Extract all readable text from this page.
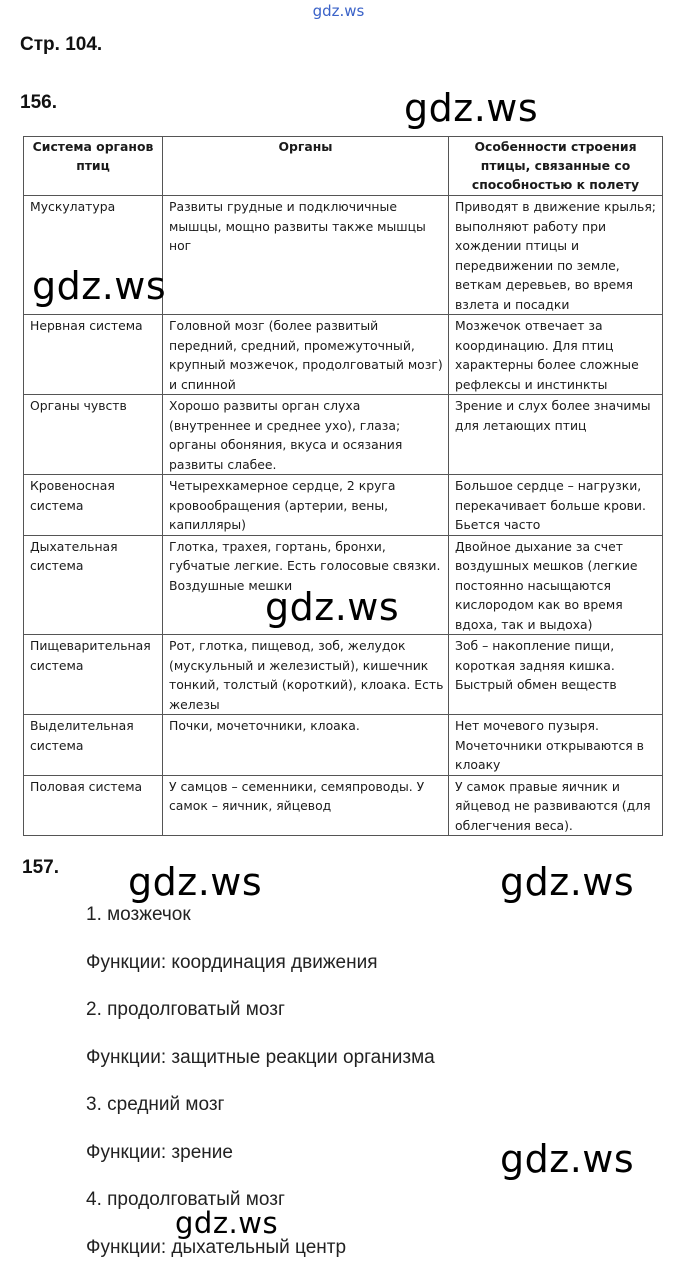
gdz.ws
Стр. 104.
156.
Система органов птиц	Органы	Особенности строения птицы, связанные со способностью к полету
Мускулатура	Развиты грудные и подключичные мышцы, мощно развиты также мышцы ног	Приводят в движение крылья; выполняют работу при хождении птицы и передвижении по земле, веткам деревьев, во время взлета и посадки
Нервная система	Головной мозг (более развитый передний, средний, промежуточный, крупный мозжечок, продолговатый мозг) и спинной	Мозжечок отвечает за координацию. Для птиц характерны более сложные рефлексы и инстинкты
Органы чувств	Хорошо развиты орган слуха (внутреннее и среднее ухо), глаза; органы обоняния, вкуса и осязания развиты слабее.	Зрение и слух более значимы для летающих птиц
Кровеносная система	Четырехкамерное сердце, 2 круга кровообращения (артерии, вены, капилляры)	Большое сердце – нагрузки, перекачивает больше крови. Бьется часто
Дыхательная система	Глотка, трахея, гортань, бронхи, губчатые легкие. Есть голосовые связки. Воздушные мешки	Двойное дыхание за счет воздушных мешков (легкие постоянно насыщаются кислородом как во время вдоха, так и выдоха)
Пищеварительная система	Рот, глотка, пищевод, зоб, желудок (мускульный и железистый), кишечник тонкий, толстый (короткий), клоака. Есть железы	Зоб – накопление пищи, короткая задняя кишка. Быстрый обмен веществ
Выделительная система	Почки, мочеточники, клоака.	Нет мочевого пузыря. Мочеточники открываются в клоаку
Половая система	У самцов – семенники, семяпроводы. У самок – яичник, яйцевод	У самок правые яичник и яйцевод не развиваются (для облегчения веса).
157.
1. мозжечок
Функции: координация движения
2. продолговатый мозг
Функции: защитные реакции организма
3. средний мозг
Функции: зрение
4. продолговатый мозг
Функции: дыхательный центр
gdz.ws
gdz.ws
gdz.ws
gdz.ws	gdz.ws
gdz.ws
gdz.ws
